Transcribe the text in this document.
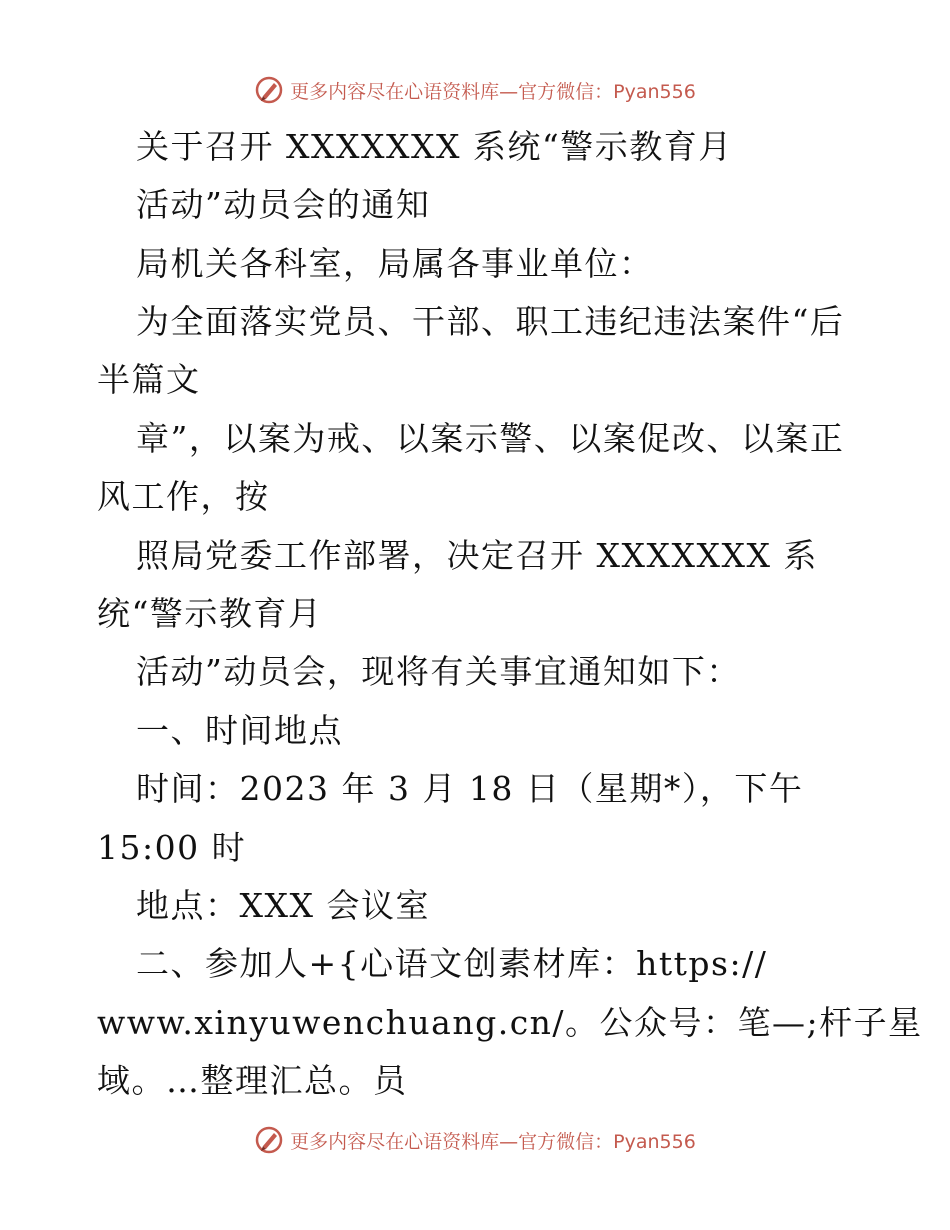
更多内容尽在心语资料库—官方微信：Pyan556
关于召开 XXXXXXX 系统“警示教育月
活动”动员会的通知
局机关各科室，局属各事业单位：
为全面落实党员、干部、职工违纪违法案件“后
半篇文
章”，以案为戒、以案示警、以案促改、以案正
风工作，按
照局党委工作部署，决定召开 XXXXXXX 系
统“警示教育月
活动”动员会，现将有关事宜通知如下：
一、时间地点
时间：2023 年 3 月 18 日（星期*），下午
15:00 时
地点：XXX 会议室
二、参加人+{心语文创素材库：https://
www.xinyuwenchuang.cn/。公众号：笔—;杆子星
域。…整理汇总。员
更多内容尽在心语资料库—官方微信：Pyan556
